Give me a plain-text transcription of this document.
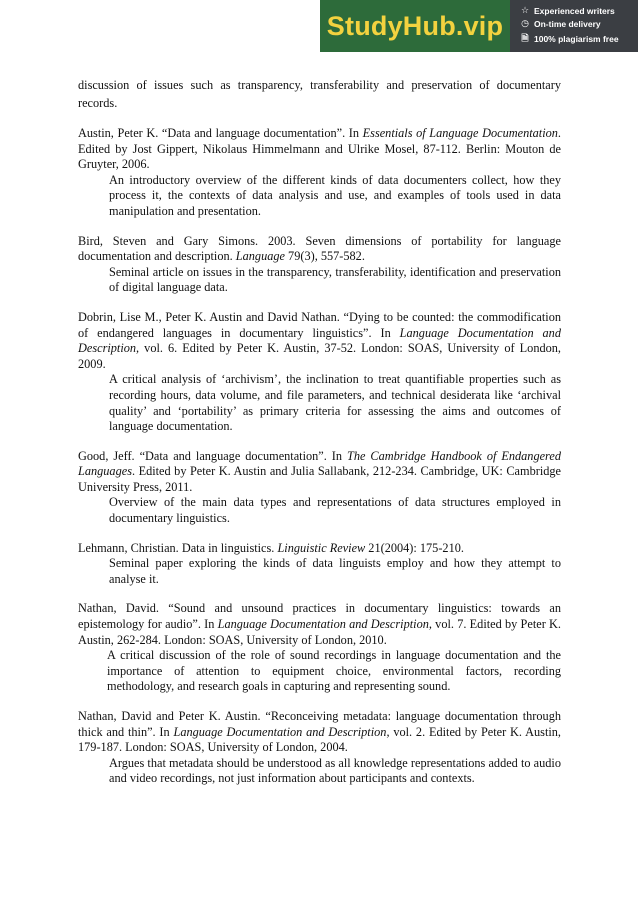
StudyHub.vip
☆ Experienced writers
◷ On-time delivery
🗎 100% plagiarism free

discussion of issues such as transparency, transferability and preservation of documentary records.

Austin, Peter K. “Data and language documentation”. In Essentials of Language Documentation. Edited by Jost Gippert, Nikolaus Himmelmann and Ulrike Mosel, 87-112. Berlin: Mouton de Gruyter, 2006.

An introductory overview of the different kinds of data documenters collect, how they process it, the contexts of data analysis and use, and examples of tools used in data manipulation and presentation.

Bird, Steven and Gary Simons. 2003. Seven dimensions of portability for language documentation and description. Language 79(3), 557-582.

Seminal article on issues in the transparency, transferability, identification and preservation of digital language data.

Dobrin, Lise M., Peter K. Austin and David Nathan. “Dying to be counted: the commodification of endangered languages in documentary linguistics”. In Language Documentation and Description, vol. 6. Edited by Peter K. Austin, 37-52. London: SOAS, University of London, 2009.

A critical analysis of ‘archivism’, the inclination to treat quantifiable properties such as recording hours, data volume, and file parameters, and technical desiderata like ‘archival quality’ and ‘portability’ as primary criteria for assessing the aims and outcomes of language documentation.

Good, Jeff. “Data and language documentation”. In The Cambridge Handbook of Endangered Languages. Edited by Peter K. Austin and Julia Sallabank, 212-234. Cambridge, UK: Cambridge University Press, 2011.

Overview of the main data types and representations of data structures employed in documentary linguistics.

Lehmann, Christian. Data in linguistics. Linguistic Review 21(2004): 175-210.

Seminal paper exploring the kinds of data linguists employ and how they attempt to analyse it.

Nathan, David. “Sound and unsound practices in documentary linguistics: towards an epistemology for audio”. In Language Documentation and Description, vol. 7. Edited by Peter K. Austin, 262-284. London: SOAS, University of London, 2010.

A critical discussion of the role of sound recordings in language documentation and the importance of attention to equipment choice, environmental factors, recording methodology, and research goals in capturing and representing sound.

Nathan, David and Peter K. Austin. “Reconceiving metadata: language documentation through thick and thin”. In Language Documentation and Description, vol. 2. Edited by Peter K. Austin, 179-187. London: SOAS, University of London, 2004.

Argues that metadata should be understood as all knowledge representations added to audio and video recordings, not just information about participants and contexts.
